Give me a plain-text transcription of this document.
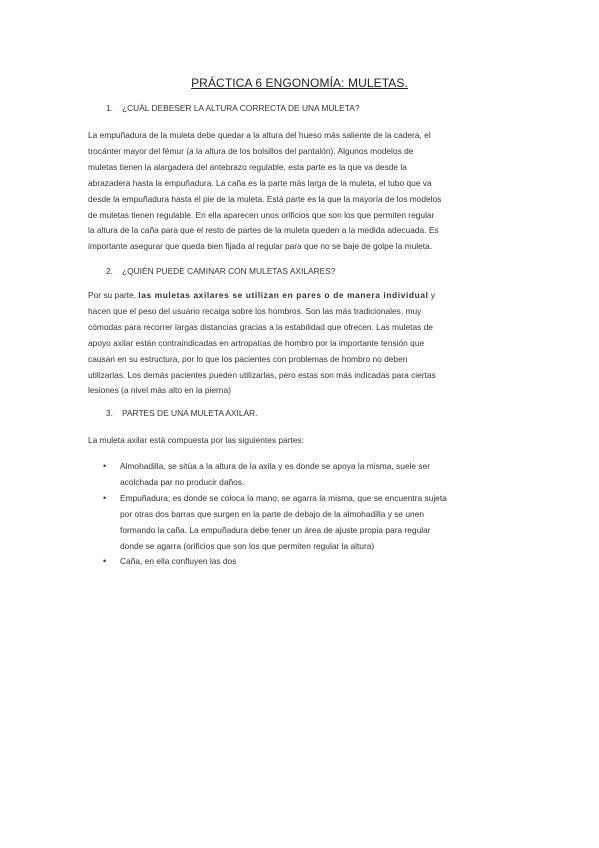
PRÁCTICA 6 ENGONOMÍA: MULETAS.
1. ¿CUÁL DEBESER LA ALTURA CORRECTA DE UNA MULETA?

La empuñadura de la muleta debe quedar a la altura del hueso más saliente de la cadera, el

trocánter mayor del fémur (a la altura de los bolsillos del pantalón). Algunos modelos de

muletas tienen la alargadera del antebrazo regulable, esta parte es la que va desde la

abrazadera hasta la empuñadura. La caña es la parte más larga de la muleta, el tubo que va

desde la empuñadura hasta el pie de la muleta. Está parte es la que la mayoría de los modelos

de muletas tienen regulable. En ella aparecen unos orificios que son los que permiten regular

la altura de la caña para que el resto de partes de la muleta queden a la medida adecuada. Es

importante asegurar que queda bien fijada al regular para que no se baje de golpe la muleta.

2. ¿QUIÉN PUEDE CAMINAR CON MULETAS AXILARES?

Por su parte, las muletas axilares se utilizan en pares o de manera individual y

hacen que el peso del usuario recaiga sobre los hombros. Son las más tradicionales, muy

cómodas para recorrer largas distancias gracias a la estabilidad que ofrecen. Las muletas de

apoyo axilar están contraindicadas en artropatías de hombro por la importante tensión que

causan en su estructura, por lo que los pacientes con problemas de hombro no deben

utilizarlas. Los demás pacientes pueden utilizarlas, pero estas son más indicadas para ciertas

lesiones (a nivel más alto en la pierna)

3. PARTES DE UNA MULETA AXILAR.

La muleta axilar está compuesta por las siguientes partes:

• Almohadilla, se sitúa a la altura de la axila y es donde se apoya la misma, suele ser

acolchada par no producir daños.

• Empuñadura, es donde se coloca la mano, se agarra la misma, que se encuentra sujeta

por otras dos barras que surgen en la parte de debajo de la almohadilla y se unen

formando la caña. La empuñadura debe tener un área de ajuste propia para regular

donde se agarra (orificios que son los que permiten regular la altura)

• Caña, en ella confluyen las dos
